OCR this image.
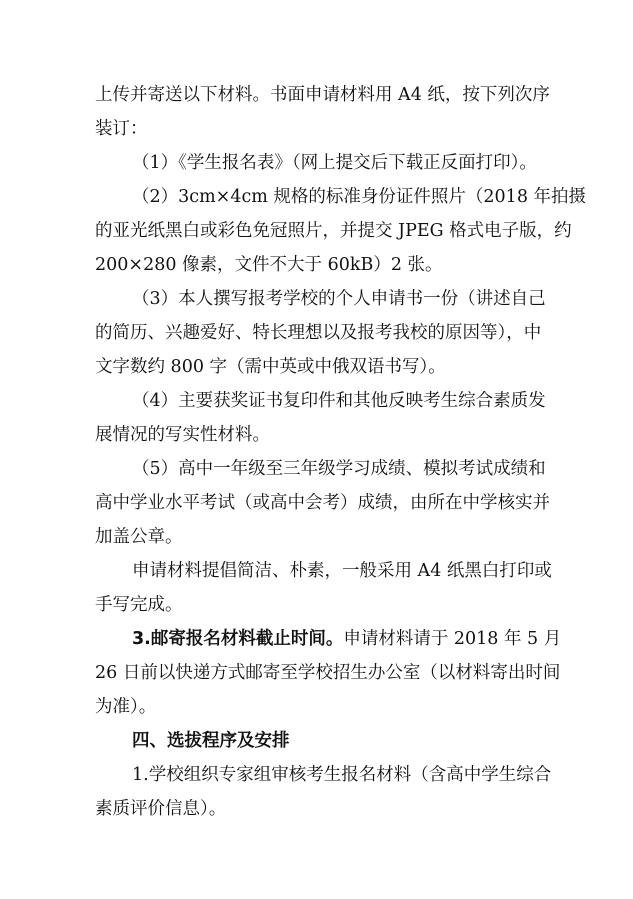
上传并寄送以下材料。书面申请材料用 A4 纸，按下列次序
装订：
（1）《学生报名表》（网上提交后下载正反面打印）。
（2）3cm×4cm 规格的标准身份证件照片（2018 年拍摄
的亚光纸黑白或彩色免冠照片，并提交 JPEG 格式电子版，约
200×280 像素，文件不大于 60kB）2 张。
（3）本人撰写报考学校的个人申请书一份（讲述自己
的简历、兴趣爱好、特长理想以及报考我校的原因等），中
文字数约 800 字（需中英或中俄双语书写）。
（4）主要获奖证书复印件和其他反映考生综合素质发
展情况的写实性材料。
（5）高中一年级至三年级学习成绩、模拟考试成绩和
高中学业水平考试（或高中会考）成绩，由所在中学核实并
加盖公章。
申请材料提倡简洁、朴素，一般采用 A4 纸黑白打印或
手写完成。
3.邮寄报名材料截止时间。 申请材料请于 2018 年 5 月
26 日前以快递方式邮寄至学校招生办公室（以材料寄出时间
为准）。
四、选拔程序及安排
1.学校组织专家组审核考生报名材料（含高中学生综合
素质评价信息）。
